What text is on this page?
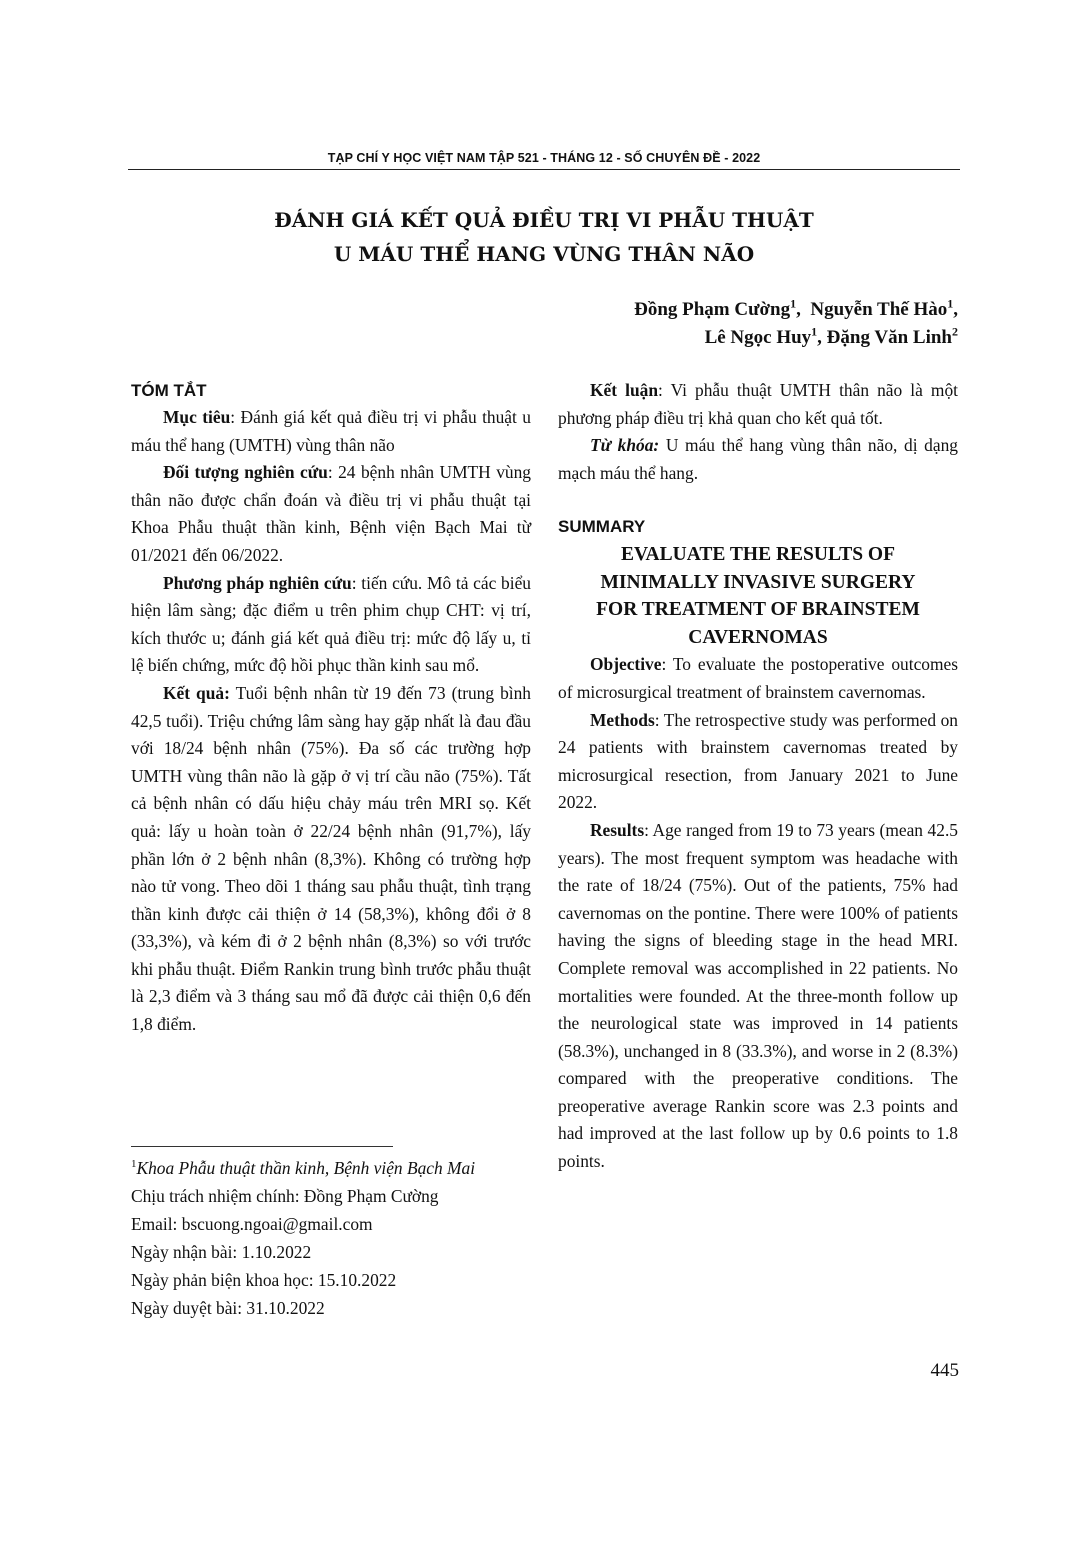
TẠP CHÍ Y HỌC VIỆT NAM TẬP 521 - THÁNG 12 - SỐ CHUYÊN ĐỀ - 2022
ĐÁNH GIÁ KẾT QUẢ ĐIỀU TRỊ VI PHẪU THUẬT
U MÁU THỂ HANG VÙNG THÂN NÃO
Đồng Phạm Cường$^1$,  Nguyễn Thế Hào$^1$,
Lê Ngọc Huy$^1$, Đặng Văn Linh$^2$
TÓM TẮT

Mục tiêu: Đánh giá kết quả điều trị vi phẫu thuật u máu thể hang (UMTH) vùng thân não

Đối tượng nghiên cứu: 24 bệnh nhân UMTH vùng thân não được chẩn đoán và điều trị vi phẫu thuật tại Khoa Phẫu thuật thần kinh, Bệnh viện Bạch Mai từ 01/2021 đến 06/2022.

Phương pháp nghiên cứu: tiến cứu. Mô tả các biểu hiện lâm sàng; đặc điểm u trên phim chụp CHT: vị trí, kích thước u; đánh giá kết quả điều trị: mức độ lấy u, tỉ lệ biến chứng, mức độ hồi phục thần kinh sau mổ.

Kết quả: Tuổi bệnh nhân từ 19 đến 73 (trung bình 42,5 tuổi). Triệu chứng lâm sàng hay gặp nhất là đau đầu với 18/24 bệnh nhân (75%). Đa số các trường hợp UMTH vùng thân não là gặp ở vị trí cầu não (75%). Tất cả bệnh nhân có dấu hiệu chảy máu trên MRI sọ. Kết quả: lấy u hoàn toàn ở 22/24 bệnh nhân (91,7%), lấy phần lớn ở 2 bệnh nhân (8,3%). Không có trường hợp nào tử vong. Theo dõi 1 tháng sau phẫu thuật, tình trạng thần kinh được cải thiện ở 14 (58,3%), không đổi ở 8 (33,3%), và kém đi ở 2 bệnh nhân (8,3%) so với trước khi phẫu thuật. Điểm Rankin trung bình trước phẫu thuật là 2,3 điểm và 3 tháng sau mổ đã được cải thiện 0,6 đến 1,8 điểm.

$^1$Khoa Phẫu thuật thần kinh, Bệnh viện Bạch Mai
Chịu trách nhiệm chính: Đồng Phạm Cường
Email: bscuong.ngoai@gmail.com
Ngày nhận bài: 1.10.2022
Ngày phản biện khoa học: 15.10.2022
Ngày duyệt bài: 31.10.2022

Kết luận: Vi phẫu thuật UMTH thân não là một phương pháp điều trị khả quan cho kết quả tốt.

Từ khóa: U máu thể hang vùng thân não, dị dạng mạch máu thể hang.

SUMMARY
EVALUATE THE RESULTS OF
MINIMALLY INVASIVE SURGERY
FOR TREATMENT OF BRAINSTEM
CAVERNOMAS

Objective: To evaluate the postoperative outcomes of microsurgical treatment of brainstem cavernomas.

Methods: The retrospective study was performed on 24 patients with brainstem cavernomas treated by microsurgical resection, from January 2021 to June 2022.

Results: Age ranged from 19 to 73 years (mean 42.5 years). The most frequent symptom was headache with the rate of 18/24 (75%). Out of the patients, 75% had cavernomas on the pontine. There were 100% of patients having the signs of bleeding stage in the head MRI. Complete removal was accomplished in 22 patients. No mortalities were founded. At the three-month follow up the neurological state was improved in 14 patients (58.3%), unchanged in 8 (33.3%), and worse in 2 (8.3%) compared with the preoperative conditions. The preoperative average Rankin score was 2.3 points and had improved at the last follow up by 0.6 points to 1.8 points.

445
